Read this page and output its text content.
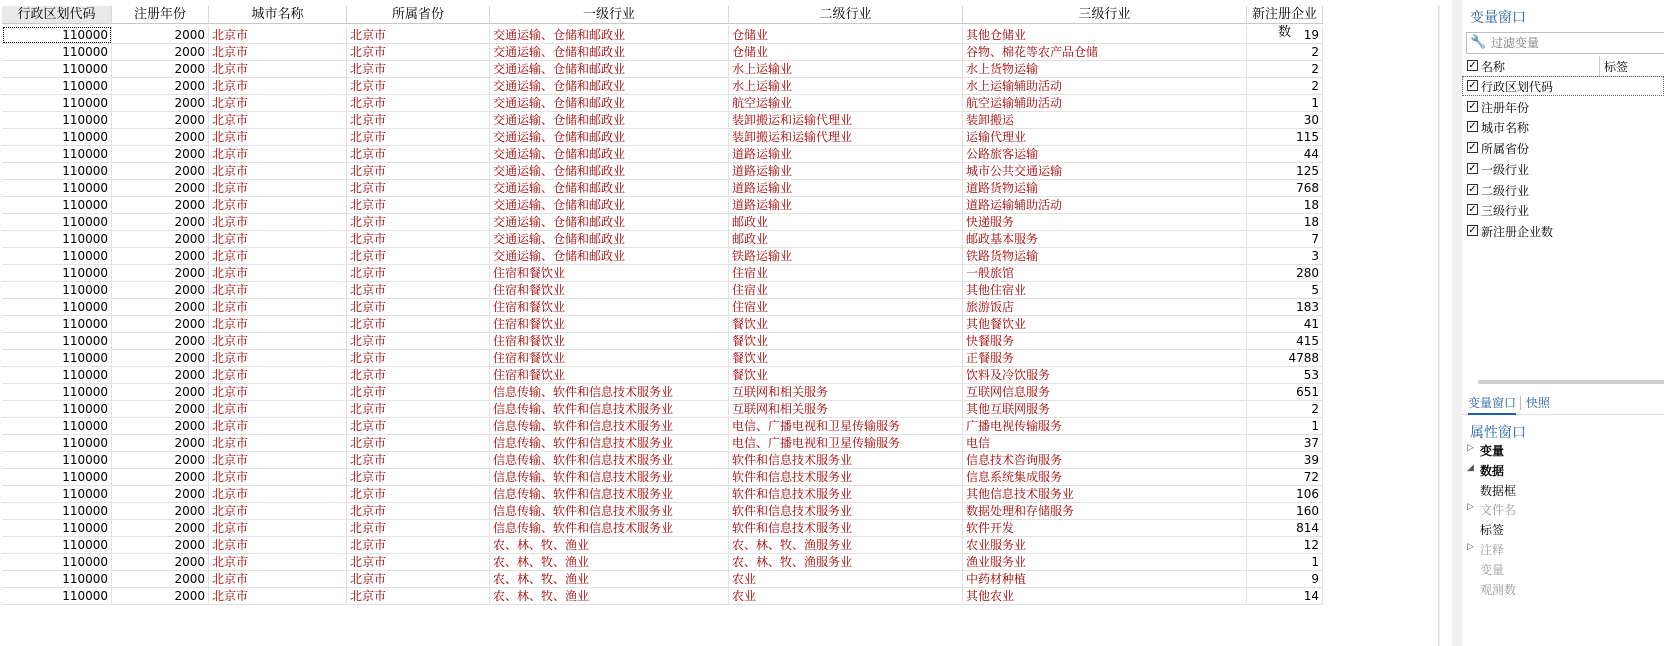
行政区划代码	注册年份	城市名称	所属省份	一级行业	二级行业	三级行业	新注册企业数
110000	2000 北京市	北京市	交通运输、仓储和邮政业	仓储业	其他仓储业	19
110000	2000 北京市	北京市	交通运输、仓储和邮政业	仓储业	谷物、棉花等农产品仓储	2
110000	2000 北京市	北京市	交通运输、仓储和邮政业	水上运输业	水上货物运输	2
110000	2000 北京市	北京市	交通运输、仓储和邮政业	水上运输业	水上运输辅助活动	2
110000	2000 北京市	北京市	交通运输、仓储和邮政业	航空运输业	航空运输辅助活动	1
110000	2000 北京市	北京市	交通运输、仓储和邮政业	装卸搬运和运输代理业	装卸搬运	30
110000	2000 北京市	北京市	交通运输、仓储和邮政业	装卸搬运和运输代理业	运输代理业	115
110000	2000 北京市	北京市	交通运输、仓储和邮政业	道路运输业	公路旅客运输	44
110000	2000 北京市	北京市	交通运输、仓储和邮政业	道路运输业	城市公共交通运输	125
110000	2000 北京市	北京市	交通运输、仓储和邮政业	道路运输业	道路货物运输	768
110000	2000 北京市	北京市	交通运输、仓储和邮政业	道路运输业	道路运输辅助活动	18
110000	2000 北京市	北京市	交通运输、仓储和邮政业	邮政业	快递服务	18
110000	2000 北京市	北京市	交通运输、仓储和邮政业	邮政业	邮政基本服务	7
110000	2000 北京市	北京市	交通运输、仓储和邮政业	铁路运输业	铁路货物运输	3
110000	2000 北京市	北京市	住宿和餐饮业	住宿业	一般旅馆	280
110000	2000 北京市	北京市	住宿和餐饮业	住宿业	其他住宿业	5
110000	2000 北京市	北京市	住宿和餐饮业	住宿业	旅游饭店	183
110000	2000 北京市	北京市	住宿和餐饮业	餐饮业	其他餐饮业	41
110000	2000 北京市	北京市	住宿和餐饮业	餐饮业	快餐服务	415
110000	2000 北京市	北京市	住宿和餐饮业	餐饮业	正餐服务	4788
110000	2000 北京市	北京市	住宿和餐饮业	餐饮业	饮料及冷饮服务	53
110000	2000 北京市	北京市	信息传输、软件和信息技术服务业	互联网和相关服务	互联网信息服务	651
110000	2000 北京市	北京市	信息传输、软件和信息技术服务业	互联网和相关服务	其他互联网服务	2
110000	2000 北京市	北京市	信息传输、软件和信息技术服务业	电信、广播电视和卫星传输服务	广播电视传输服务	1
110000	2000 北京市	北京市	信息传输、软件和信息技术服务业	电信、广播电视和卫星传输服务	电信	37
110000	2000 北京市	北京市	信息传输、软件和信息技术服务业	软件和信息技术服务业	信息技术咨询服务	39
110000	2000 北京市	北京市	信息传输、软件和信息技术服务业	软件和信息技术服务业	信息系统集成服务	72
110000	2000 北京市	北京市	信息传输、软件和信息技术服务业	软件和信息技术服务业	其他信息技术服务业	106
110000	2000 北京市	北京市	信息传输、软件和信息技术服务业	软件和信息技术服务业	数据处理和存储服务	160
110000	2000 北京市	北京市	信息传输、软件和信息技术服务业	软件和信息技术服务业	软件开发	814
110000	2000 北京市	北京市	农、林、牧、渔业	农、林、牧、渔服务业	农业服务业	12
110000	2000 北京市	北京市	农、林、牧、渔业	农、林、牧、渔服务业	渔业服务业	1
110000	2000 北京市	北京市	农、林、牧、渔业	农业	中药材种植	9
110000	2000 北京市	北京市	农、林、牧、渔业	农业	其他农业	14
变量窗口
🔧
过滤变量
✓ 名称	标签
✓ 行政区划代码
✓ 注册年份
✓ 城市名称
✓ 所属省份
✓ 一级行业
✓ 二级行业
✓ 三级行业
✓ 新注册企业数
变量窗口 快照
属性窗口
▷ 变量
◢ 数据
数据框
▷ 文件名
标签
▷ 注释
变量
观测数
